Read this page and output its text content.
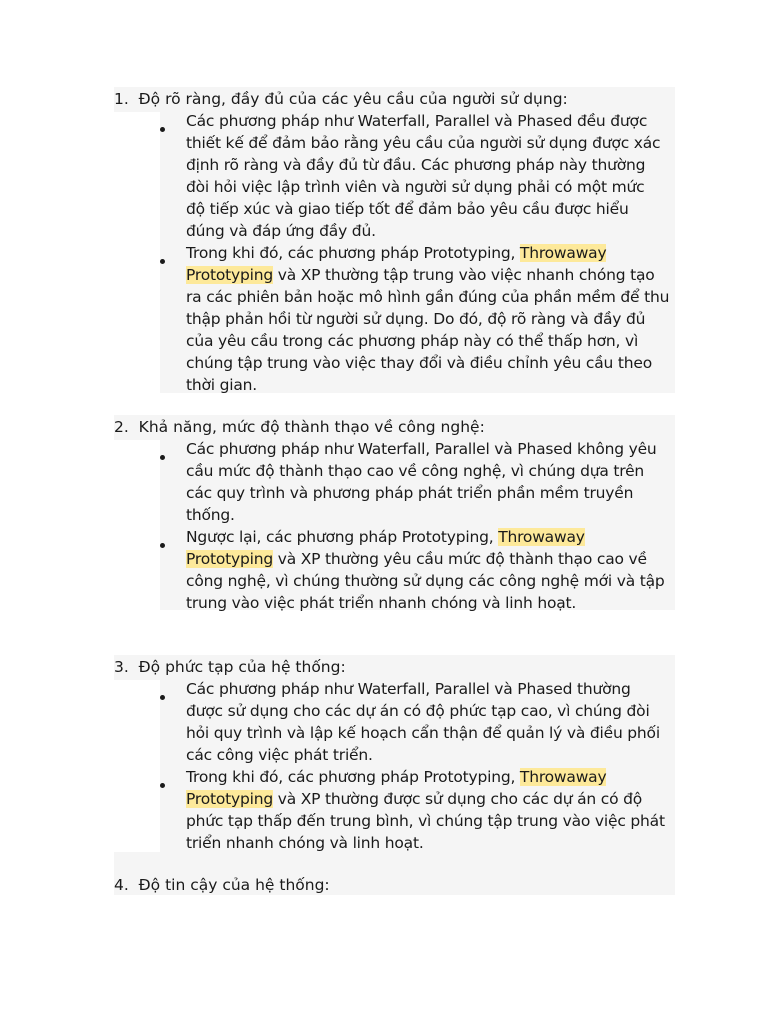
1. Độ rõ ràng, đầy đủ của các yêu cầu của người sử dụng:
Các phương pháp như Waterfall, Parallel và Phased đều được
thiết kế để đảm bảo rằng yêu cầu của người sử dụng được xác
định rõ ràng và đầy đủ từ đầu. Các phương pháp này thường
đòi hỏi việc lập trình viên và người sử dụng phải có một mức
độ tiếp xúc và giao tiếp tốt để đảm bảo yêu cầu được hiểu
đúng và đáp ứng đầy đủ.
Trong khi đó, các phương pháp Prototyping, Throwaway
Prototyping và XP thường tập trung vào việc nhanh chóng tạo
ra các phiên bản hoặc mô hình gần đúng của phần mềm để thu
thập phản hồi từ người sử dụng. Do đó, độ rõ ràng và đầy đủ
của yêu cầu trong các phương pháp này có thể thấp hơn, vì
chúng tập trung vào việc thay đổi và điều chỉnh yêu cầu theo
thời gian.
2. Khả năng, mức độ thành thạo về công nghệ:
Các phương pháp như Waterfall, Parallel và Phased không yêu
cầu mức độ thành thạo cao về công nghệ, vì chúng dựa trên
các quy trình và phương pháp phát triển phần mềm truyền
thống.
Ngược lại, các phương pháp Prototyping, Throwaway
Prototyping và XP thường yêu cầu mức độ thành thạo cao về
công nghệ, vì chúng thường sử dụng các công nghệ mới và tập
trung vào việc phát triển nhanh chóng và linh hoạt.
3. Độ phức tạp của hệ thống:
Các phương pháp như Waterfall, Parallel và Phased thường
được sử dụng cho các dự án có độ phức tạp cao, vì chúng đòi
hỏi quy trình và lập kế hoạch cẩn thận để quản lý và điều phối
các công việc phát triển.
Trong khi đó, các phương pháp Prototyping, Throwaway
Prototyping và XP thường được sử dụng cho các dự án có độ
phức tạp thấp đến trung bình, vì chúng tập trung vào việc phát
triển nhanh chóng và linh hoạt.
4. Độ tin cậy của hệ thống:
